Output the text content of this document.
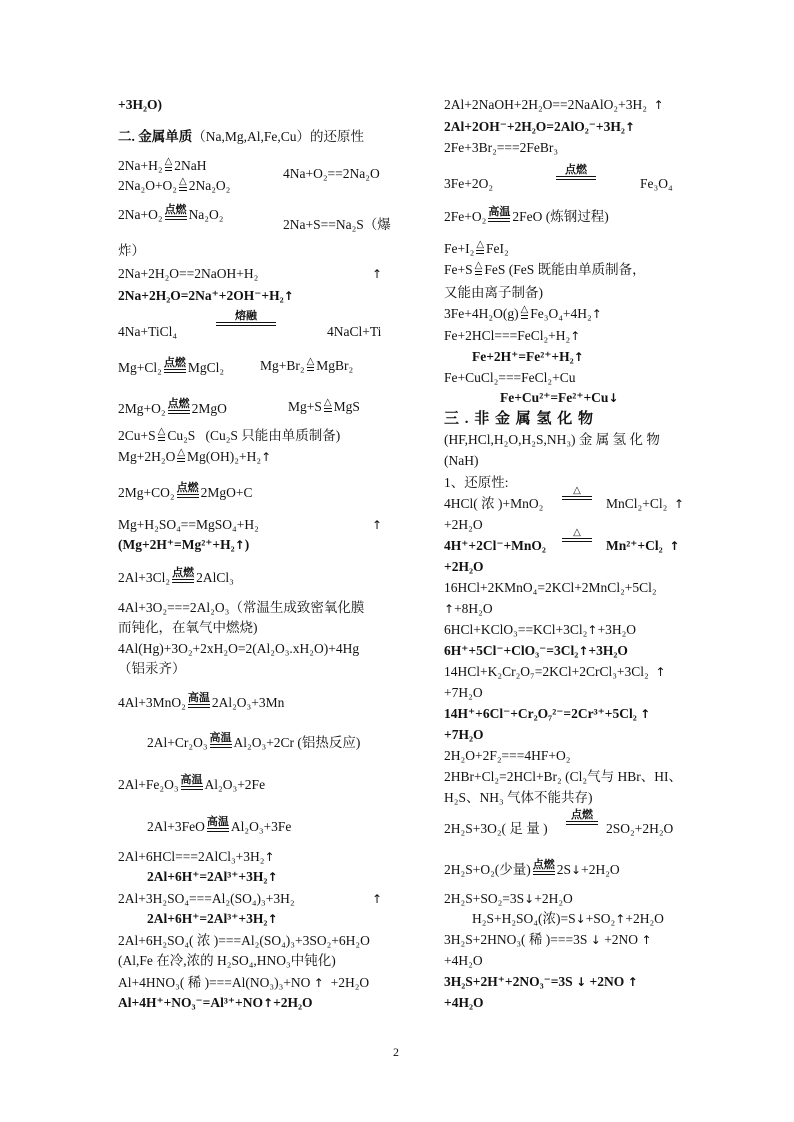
+3H₂O)
二. 金属单质（Na,Mg,Al,Fe,Cu）的还原性
2Na+H₂ △ 2NaH
4Na+O₂==2Na₂O
2Na₂O+O₂ △ 2Na₂O₂
2Na+O₂ 点燃 Na₂O₂
2Na+S==Na₂S（爆
炸）
2Na+2H₂O==2NaOH+H₂	↑
2Na+2H₂O=2Na⁺+2OH⁻+H₂↑
4Na+TiCl₄
熔融
4NaCl+Ti
Mg+Cl₂ 点燃 MgCl₂	Mg+Br₂ △ MgBr₂
2Mg+O₂ 点燃 2MgO	Mg+S △ MgS
2Cu+S △ Cu₂S (Cu₂S 只能由单质制备)
Mg+2H₂O △ Mg(OH)₂+H₂↑
2Mg+CO₂ 点燃 2MgO+C
Mg+H₂SO₄==MgSO₄+H₂	↑
(Mg+2H⁺=Mg²⁺+H₂↑)
2Al+3Cl₂ 点燃 2AlCl₃
4Al+3O₂===2Al₂O₃（常温生成致密氧化膜
而钝化，在氧气中燃烧)
4Al(Hg)+3O₂+2xH₂O=2(Al₂O₃.xH₂O)+4Hg
（铝汞齐）
4Al+3MnO₂ 高温 2Al₂O₃+3Mn
2Al+Cr₂O₃ 高温 Al₂O₃+2Cr (铝热反应)
2Al+Fe₂O₃ 高温 Al₂O₃+2Fe
2Al+3FeO 高温 Al₂O₃+3Fe
2Al+6HCl===2AlCl₃+3H₂↑
2Al+6H⁺=2Al³⁺+3H₂↑
2Al+3H₂SO₄===Al₂(SO₄)₃+3H₂	↑
2Al+6H⁺=2Al³⁺+3H₂↑
2Al+6H₂SO₄( 浓 )===Al₂(SO₄)₃+3SO₂+6H₂O
(Al,Fe 在冷,浓的 H₂SO₄,HNO₃中钝化)
Al+4HNO₃( 稀 )===Al(NO₃)₃+NO ↑ +2H₂O
Al+4H⁺+NO₃⁻=Al³⁺+NO↑+2H₂O
2Al+2NaOH+2H₂O==2NaAlO₂+3H₂ ↑
2Al+2OH⁻+2H₂O=2AlO₂⁻+3H₂↑
2Fe+3Br₂===2FeBr₃
3Fe+2O₂
点燃
Fe₃O₄
2Fe+O₂ 高温 2FeO (炼钢过程)
Fe+I₂ △ FeI₂
Fe+S △ FeS (FeS 既能由单质制备，
又能由离子制备)
3Fe+4H₂O(g) △ Fe₃O₄+4H₂↑
Fe+2HCl===FeCl₂+H₂↑
Fe+2H⁺=Fe²⁺+H₂↑
Fe+CuCl₂===FeCl₂+Cu
Fe+Cu²⁺=Fe²⁺+Cu↓
三 . 非 金 属 氢 化 物
(HF,HCl,H₂O,H₂S,NH₃) 金 属 氢 化 物
(NaH)
1、还原性:
4HCl( 浓 )+MnO₂
△
MnCl₂+Cl₂ ↑
+2H₂O
4H⁺+2Cl⁻+MnO₂
△
Mn²⁺+Cl₂ ↑
+2H₂O
16HCl+2KMnO₄=2KCl+2MnCl₂+5Cl₂
↑+8H₂O
6HCl+KClO₃==KCl+3Cl₂↑+3H₂O
6H⁺+5Cl⁻+ClO₃⁻=3Cl₂↑+3H₂O
14HCl+K₂Cr₂O₇=2KCl+2CrCl₃+3Cl₂ ↑
+7H₂O
14H⁺+6Cl⁻+Cr₂O₇²⁻=2Cr³⁺+5Cl₂ ↑
+7H₂O
2H₂O+2F₂===4HF+O₂
2HBr+Cl₂=2HCl+Br₂ (Cl₂气与 HBr、HI、
H₂S、NH₃ 气体不能共存)
2H₂S+3O₂( 足 量 )
点燃
2SO₂+2H₂O
2H₂S+O₂(少量) 点燃 2S↓+2H₂O
2H₂S+SO₂=3S↓+2H₂O
H₂S+H₂SO₄(浓)=S↓+SO₂↑+2H₂O
3H₂S+2HNO₃( 稀 )===3S ↓ +2NO ↑
+4H₂O
3H₂S+2H⁺+2NO₃⁻=3S ↓ +2NO ↑
+4H₂O
2
